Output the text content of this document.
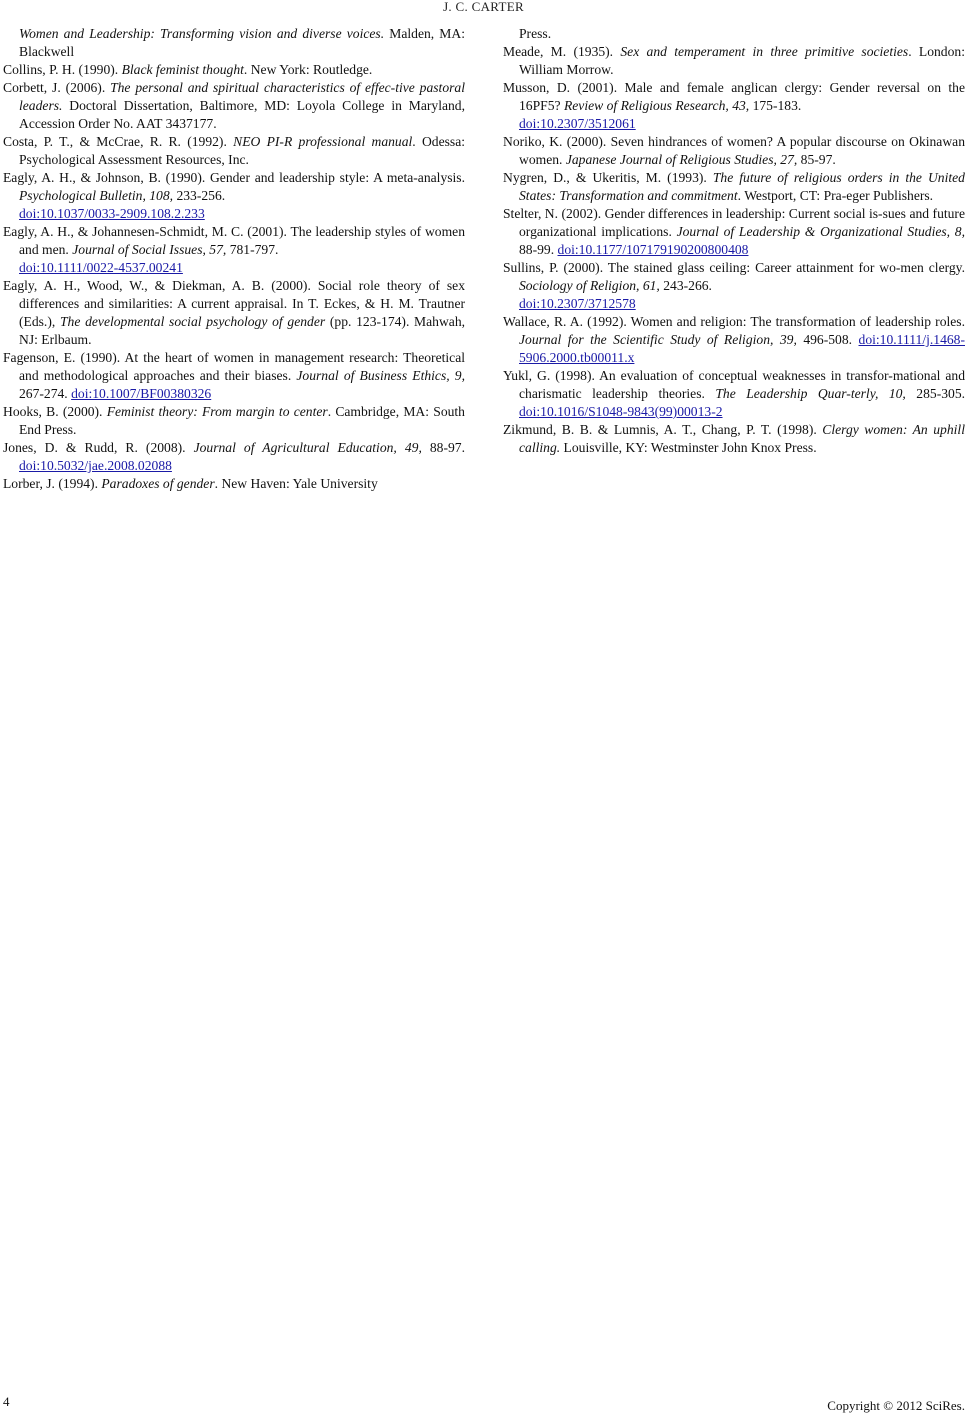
J. C. CARTER

Women and Leadership: Transforming vision and diverse voices. Malden, MA: Blackwell

Collins, P. H. (1990). Black feminist thought. New York: Routledge.

Corbett, J. (2006). The personal and spiritual characteristics of effec-tive pastoral leaders. Doctoral Dissertation, Baltimore, MD: Loyola College in Maryland, Accession Order No. AAT 3437177.

Costa, P. T., & McCrae, R. R. (1992). NEO PI-R professional manual. Odessa: Psychological Assessment Resources, Inc.

Eagly, A. H., & Johnson, B. (1990). Gender and leadership style: A meta-analysis. Psychological Bulletin, 108, 233-256.
doi:10.1037/0033-2909.108.2.233

Eagly, A. H., & Johannesen-Schmidt, M. C. (2001). The leadership styles of women and men. Journal of Social Issues, 57, 781-797.
doi:10.1111/0022-4537.00241

Eagly, A. H., Wood, W., & Diekman, A. B. (2000). Social role theory of sex differences and similarities: A current appraisal. In T. Eckes, & H. M. Trautner (Eds.), The developmental social psychology of gender (pp. 123-174). Mahwah, NJ: Erlbaum.

Fagenson, E. (1990). At the heart of women in management research: Theoretical and methodological approaches and their biases. Journal of Business Ethics, 9, 267-274. doi:10.1007/BF00380326

Hooks, B. (2000). Feminist theory: From margin to center. Cambridge, MA: South End Press.

Jones, D. & Rudd, R. (2008). Journal of Agricultural Education, 49, 88-97. doi:10.5032/jae.2008.02088

Lorber, J. (1994). Paradoxes of gender. New Haven: Yale University

Press.

Meade, M. (1935). Sex and temperament in three primitive societies. London: William Morrow.

Musson, D. (2001). Male and female anglican clergy: Gender reversal on the 16PF5? Review of Religious Research, 43, 175-183.
doi:10.2307/3512061

Noriko, K. (2000). Seven hindrances of women? A popular discourse on Okinawan women. Japanese Journal of Religious Studies, 27, 85-97.

Nygren, D., & Ukeritis, M. (1993). The future of religious orders in the United States: Transformation and commitment. Westport, CT: Pra-eger Publishers.

Stelter, N. (2002). Gender differences in leadership: Current social is-sues and future organizational implications. Journal of Leadership & Organizational Studies, 8, 88-99. doi:10.1177/107179190200800408

Sullins, P. (2000). The stained glass ceiling: Career attainment for wo-men clergy. Sociology of Religion, 61, 243-266.
doi:10.2307/3712578

Wallace, R. A. (1992). Women and religion: The transformation of leadership roles. Journal for the Scientific Study of Religion, 39, 496-508. doi:10.1111/j.1468-5906.2000.tb00011.x

Yukl, G. (1998). An evaluation of conceptual weaknesses in transfor-mational and charismatic leadership theories. The Leadership Quar-terly, 10, 285-305. doi:10.1016/S1048-9843(99)00013-2

Zikmund, B. B. & Lumnis, A. T., Chang, P. T. (1998). Clergy women: An uphill calling. Louisville, KY: Westminster John Knox Press.

4	Copyright © 2012 SciRes.
